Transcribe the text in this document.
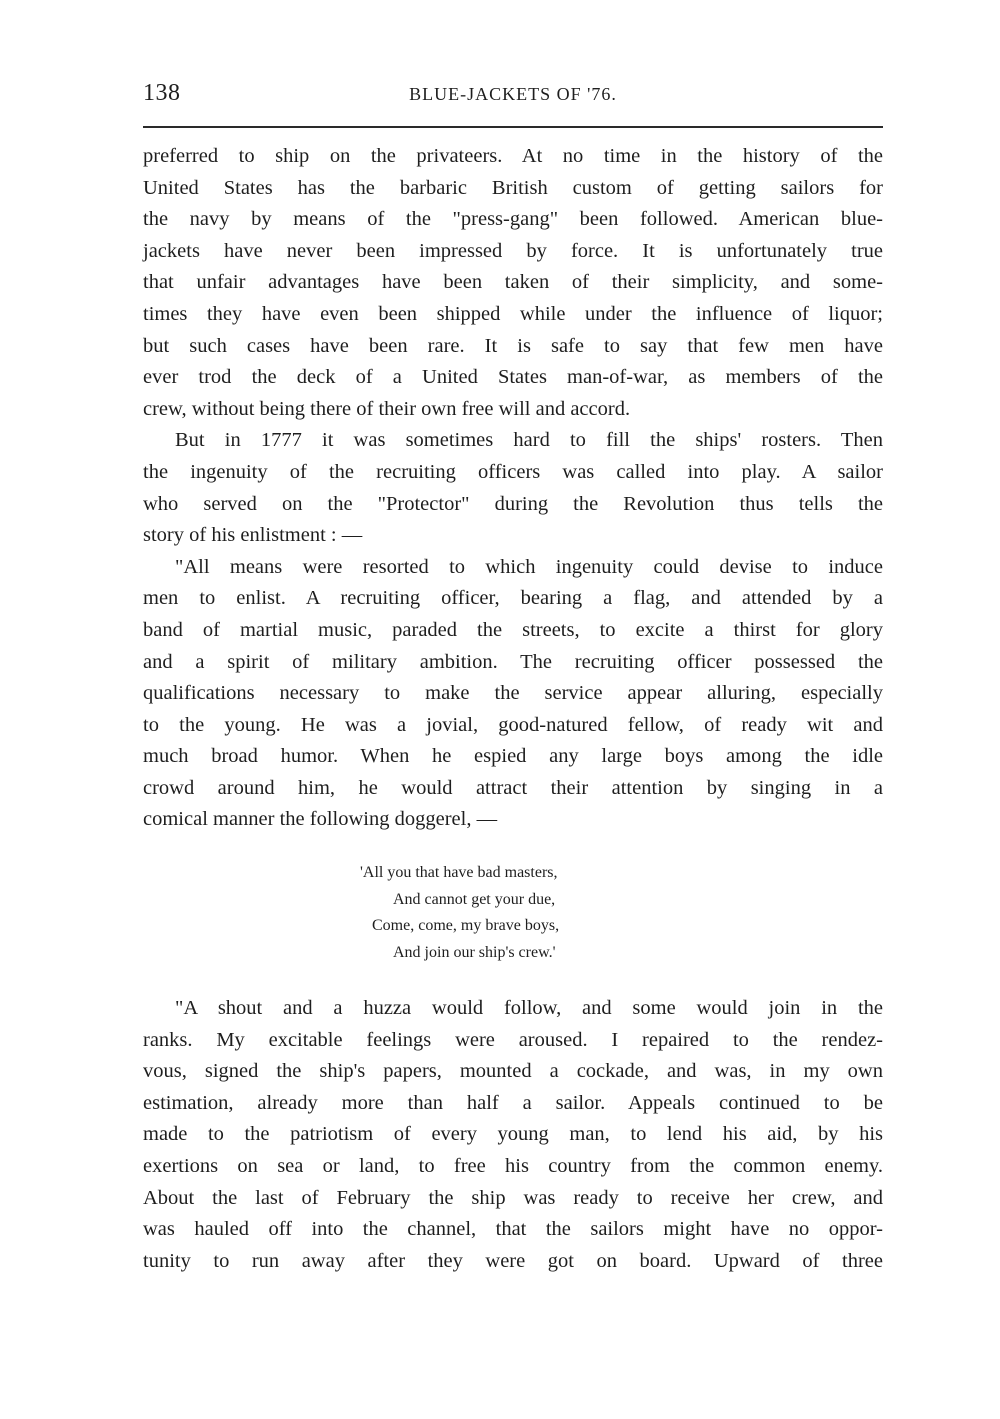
138	BLUE-JACKETS OF '76.
preferred to ship on the privateers. At no time in the history of the
United States has the barbaric British custom of getting sailors for
the navy by means of the "press-gang" been followed. American blue-
jackets have never been impressed by force. It is unfortunately true
that unfair advantages have been taken of their simplicity, and some-
times they have even been shipped while under the influence of liquor;
but such cases have been rare. It is safe to say that few men have
ever trod the deck of a United States man-of-war, as members of the
crew, without being there of their own free will and accord.
But in 1777 it was sometimes hard to fill the ships' rosters. Then
the ingenuity of the recruiting officers was called into play. A sailor
who served on the "Protector" during the Revolution thus tells the
story of his enlistment : —
"All means were resorted to which ingenuity could devise to induce
men to enlist. A recruiting officer, bearing a flag, and attended by a
band of martial music, paraded the streets, to excite a thirst for glory
and a spirit of military ambition. The recruiting officer possessed the
qualifications necessary to make the service appear alluring, especially
to the young. He was a jovial, good-natured fellow, of ready wit and
much broad humor. When he espied any large boys among the idle
crowd around him, he would attract their attention by singing in a
comical manner the following doggerel, —
'All you that have bad masters,
And cannot get your due,
Come, come, my brave boys,
And join our ship's crew.'
"A shout and a huzza would follow, and some would join in the
ranks. My excitable feelings were aroused. I repaired to the rendez-
vous, signed the ship's papers, mounted a cockade, and was, in my own
estimation, already more than half a sailor. Appeals continued to be
made to the patriotism of every young man, to lend his aid, by his
exertions on sea or land, to free his country from the common enemy.
About the last of February the ship was ready to receive her crew, and
was hauled off into the channel, that the sailors might have no oppor-
tunity to run away after they were got on board. Upward of three
